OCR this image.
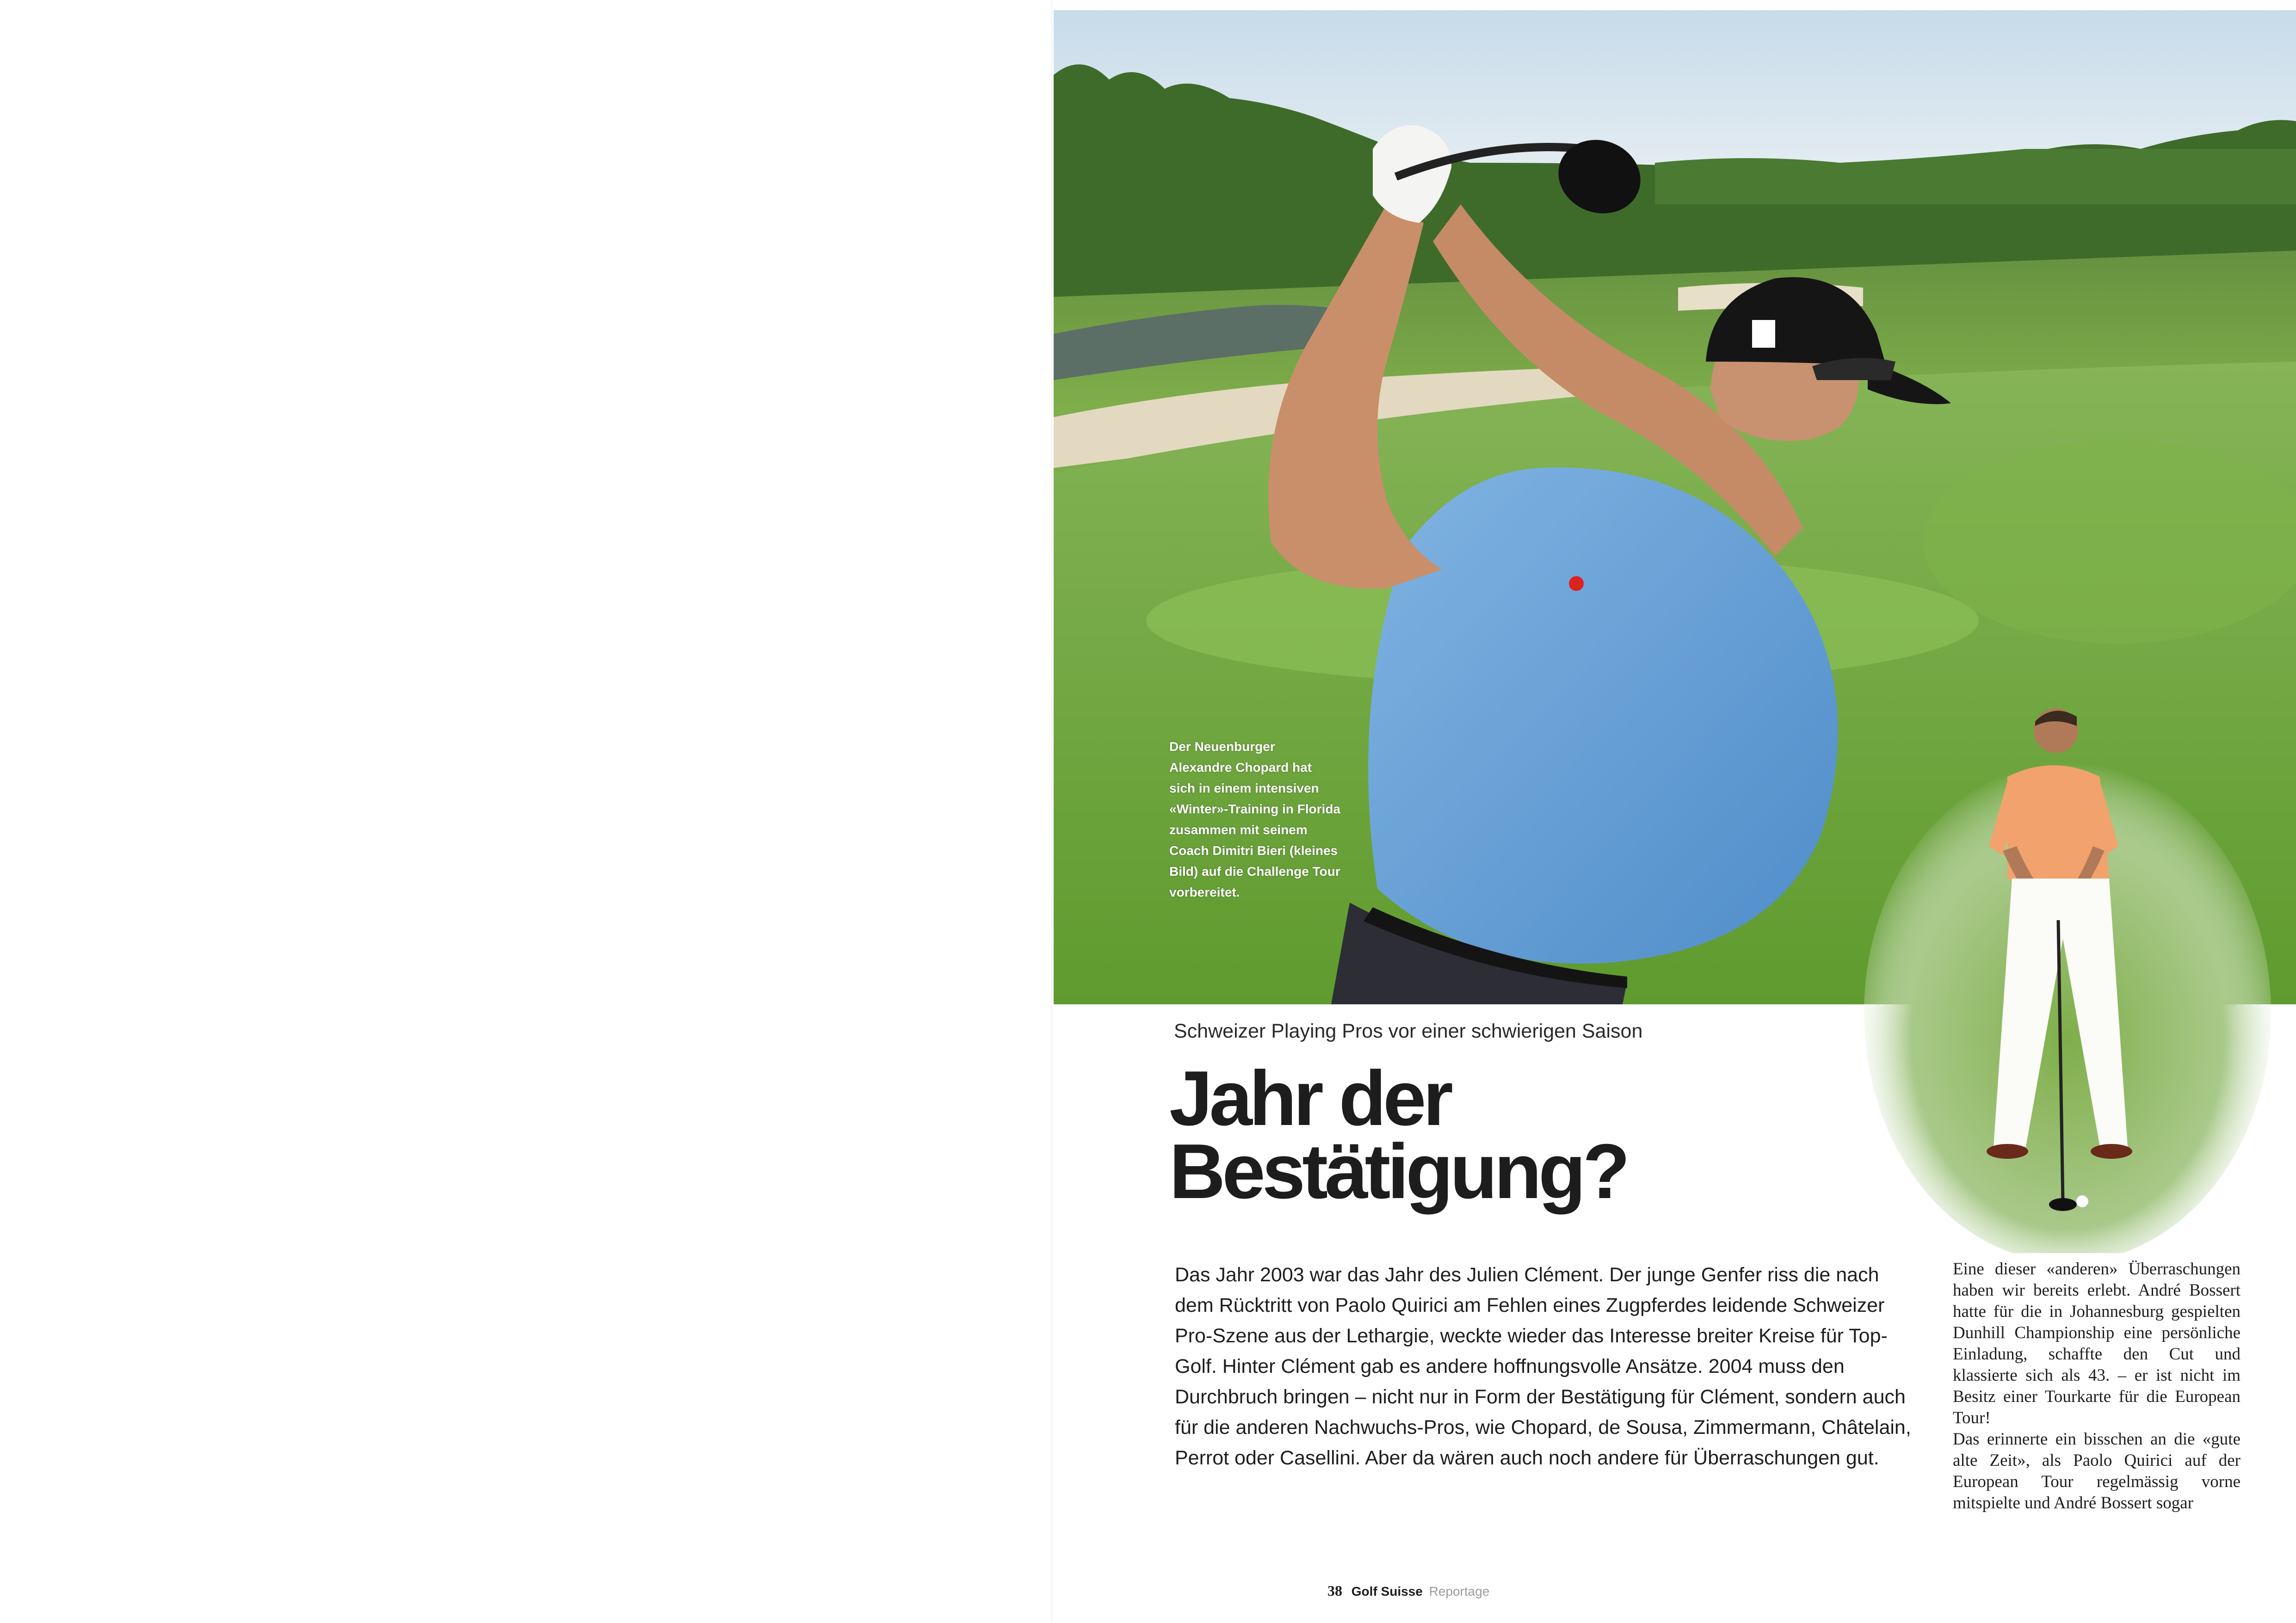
Der Neuenburger Alexandre Chopard hat sich in einem intensiven «Winter»-Training in Florida zusammen mit seinem Coach Dimitri Bieri (kleines Bild) auf die Challenge Tour vorbereitet.
Schweizer Playing Pros vor einer schwierigen Saison
Jahr der
Bestätigung?

Das Jahr 2003 war das Jahr des Julien Clément. Der junge Genfer riss die nach dem Rücktritt von Paolo Quirici am Fehlen eines Zugpferdes leidende Schweizer Pro-Szene aus der Lethargie, weckte wieder das Interesse breiter Kreise für Top-Golf. Hinter Clément gab es andere hoffnungsvolle Ansätze. 2004 muss den Durchbruch bringen – nicht nur in Form der Bestätigung für Clément, sondern auch für die anderen Nachwuchs-Pros, wie Chopard, de Sousa, Zimmermann, Châtelain, Perrot oder Casellini. Aber da wären auch noch andere für Überraschungen gut.

Eine dieser «anderen» Überraschungen haben wir bereits erlebt. André Bossert hatte für die in Johannesburg gespielten Dunhill Championship eine persönliche Einladung, schaffte den Cut und klassierte sich als 43. – er ist nicht im Besitz einer Tourkarte für die European Tour!

Das erinnerte ein bisschen an die «gute alte Zeit», als Paolo Quirici auf der European Tour regelmässig vorne mitspielte und André Bossert sogar

38 Golf Suisse Reportage
